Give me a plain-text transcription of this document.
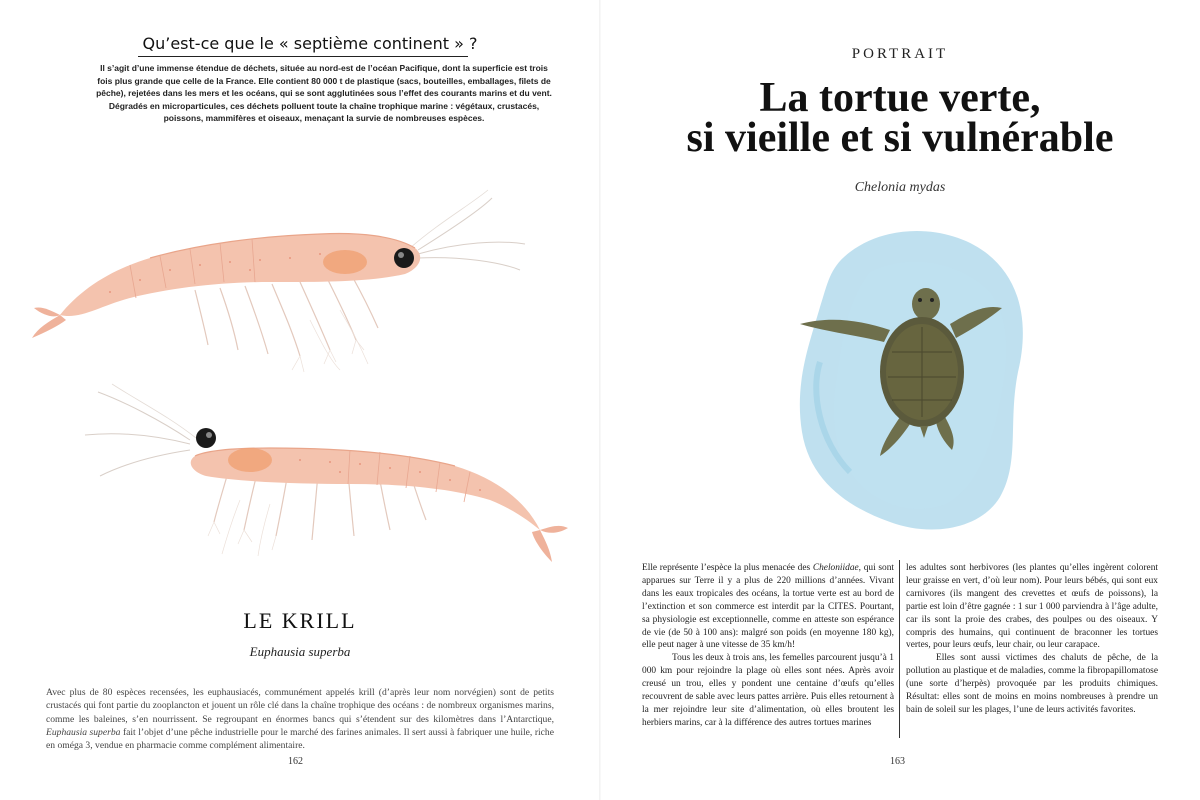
Qu’est-ce que le « septième continent » ?
Il s’agit d’une immense étendue de déchets, située au nord-est de l’océan Pacifique, dont la superficie est trois fois plus grande que celle de la France. Elle contient 80 000 t de plastique (sacs, bouteilles, emballages, filets de pêche), rejetées dans les mers et les océans, qui se sont agglutinées sous l’effet des courants marins et du vent. Dégradés en microparticules, ces déchets polluent toute la chaîne trophique marine : végétaux, crustacés, poissons, mammifères et oiseaux, menaçant la survie de nombreuses espèces.
LE KRILL
Euphausia superba
Avec plus de 80 espèces recensées, les euphausiacés, communément appelés krill (d’après leur nom norvégien) sont de petits crustacés qui font partie du zooplancton et jouent un rôle clé dans la chaîne trophique des océans : de nombreux organismes marins, comme les baleines, s’en nourrissent. Se regroupant en énormes bancs qui s’étendent sur des kilomètres dans l’Antarctique, Euphausia superba fait l’objet d’une pêche industrielle pour le marché des farines animales. Il sert aussi à fabriquer une huile, riche en oméga 3, vendue en pharmacie comme complément alimentaire.
162
PORTRAIT
La tortue verte,
si vieille et si vulnérable
Chelonia mydas
Elle représente l’espèce la plus menacée des Cheloniidae, qui sont apparues sur Terre il y a plus de 220 millions d’années. Vivant dans les eaux tropicales des océans, la tortue verte est au bord de l’extinction et son commerce est interdit par la CITES. Pourtant, sa physiologie est exceptionnelle, comme en atteste son espérance de vie (de 50 à 100 ans): malgré son poids (en moyenne 180 kg), elle peut nager à une vitesse de 35 km/h!
Tous les deux à trois ans, les femelles parcourent jusqu’à 1 000 km pour rejoindre la plage où elles sont nées. Après avoir creusé un trou, elles y pondent une centaine d’œufs qu’elles recouvrent de sable avec leurs pattes arrière. Puis elles retournent à la mer rejoindre leur site d’alimentation, où elles broutent les herbiers marins, car à la différence des autres tortues marines
les adultes sont herbivores (les plantes qu’elles ingèrent colorent leur graisse en vert, d’où leur nom). Pour leurs bébés, qui sont eux carnivores (ils mangent des crevettes et œufs de poissons), la partie est loin d’être gagnée : 1 sur 1 000 parviendra à l’âge adulte, car ils sont la proie des crabes, des poulpes ou des oiseaux. Y compris des humains, qui continuent de braconner les tortues vertes, pour leurs œufs, leur chair, ou leur carapace.
Elles sont aussi victimes des chaluts de pêche, de la pollution au plastique et de maladies, comme la fibropapillomatose (une sorte d’herpès) provoquée par les produits chimiques. Résultat: elles sont de moins en moins nombreuses à prendre un bain de soleil sur les plages, l’une de leurs activités favorites.
163
